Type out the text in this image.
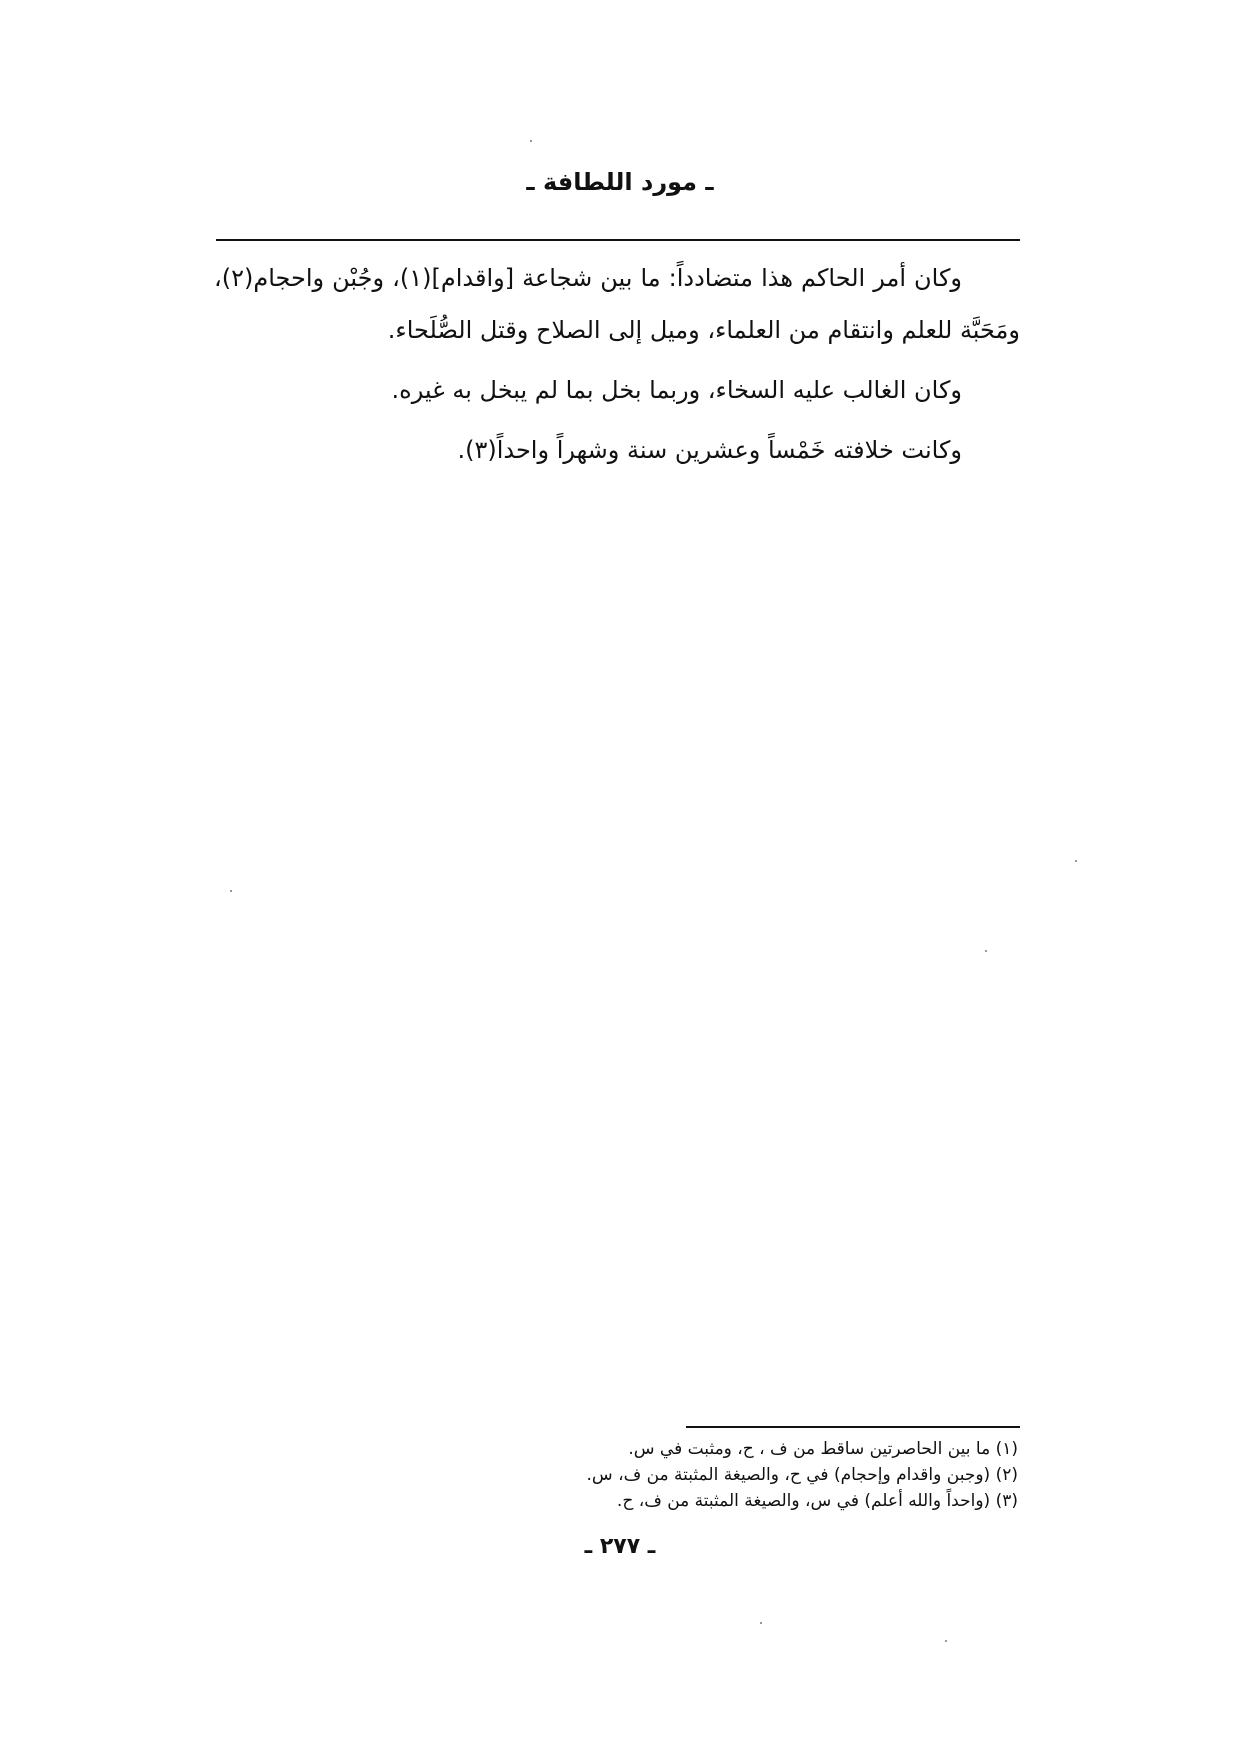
ـ مورد اللطافة ـ

وكان أمر الحاكم هذا متضادداً: ما بين شجاعة [واقدام](١)، وجُبْن واحجام(٢)، ومَحَبَّة للعلم وانتقام من العلماء، وميل إلى الصلاح وقتل الصُّلَحاء.

وكان الغالب عليه السخاء، وربما بخل بما لم يبخل به غيره.

وكانت خلافته خَمْساً وعشرين سنة وشهراً واحداً(٣).

(١) ما بين الحاصرتين ساقط من ف ، ح، ومثبت في س.
(٢) (وجبن واقدام وإحجام) في ح، والصيغة المثبتة من ف، س.
(٣) (واحداً والله أعلم) في س، والصيغة المثبتة من ف، ح.
ـ ٢٧٧ ـ
